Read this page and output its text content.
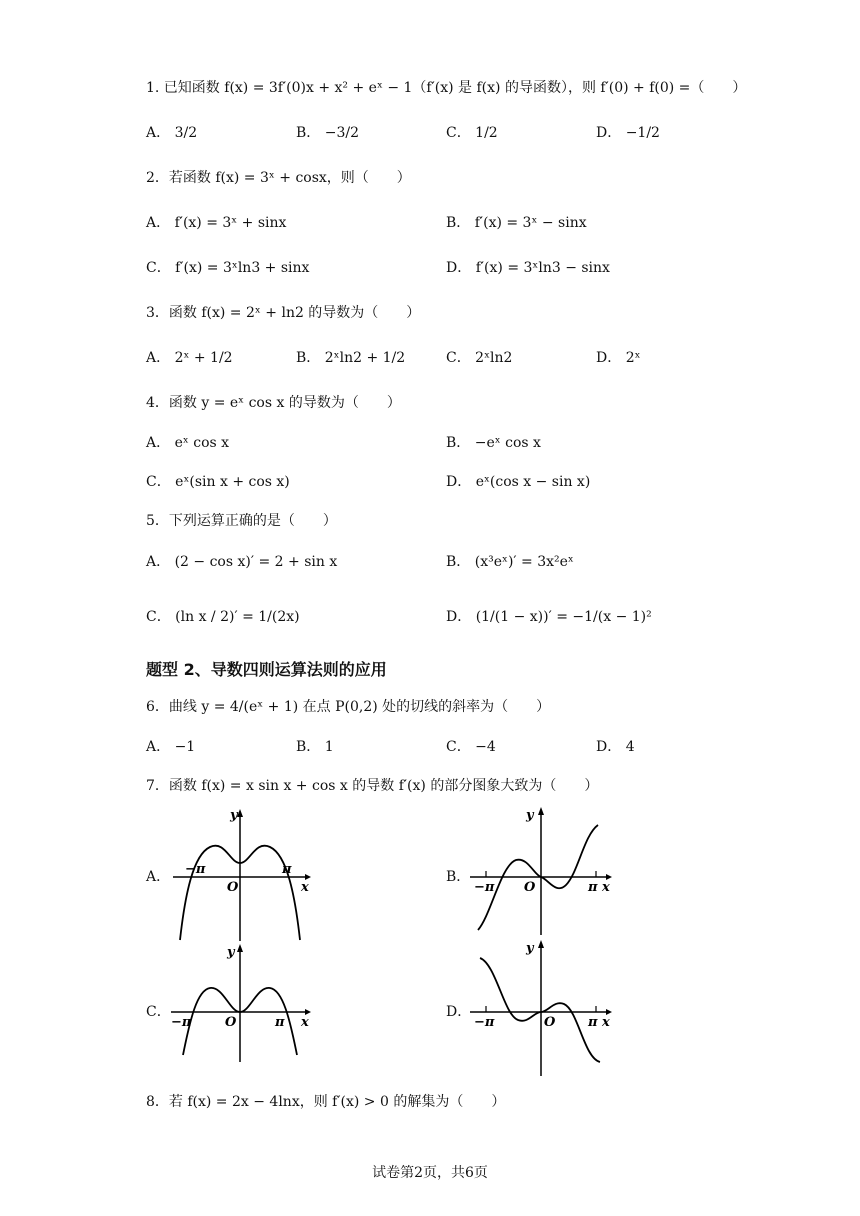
1. 已知函数 f(x) = 3f′(0)x + x² + eˣ − 1（f′(x) 是 f(x) 的导函数），则 f′(0) + f(0) =（　　）
A． 3/2	B． −3/2	C． 1/2	D． −1/2
2．若函数 f(x) = 3ˣ + cosx，则（　　）
A． f′(x) = 3ˣ + sinx	B． f′(x) = 3ˣ − sinx
C． f′(x) = 3ˣln3 + sinx	D． f′(x) = 3ˣln3 − sinx
3．函数 f(x) = 2ˣ + ln2 的导数为（　　）
A． 2ˣ + 1/2	B． 2ˣln2 + 1/2	C． 2ˣln2	D． 2ˣ
4．函数 y = eˣ cos x 的导数为（　　）
A． eˣ cos x	B． −eˣ cos x
C． eˣ(sin x + cos x)	D． eˣ(cos x − sin x)
5．下列运算正确的是（　　）
A． (2 − cos x)′ = 2 + sin x	B． (x³eˣ)′ = 3x²eˣ
C． (ln x / 2)′ = 1/(2x)	D． (1/(1 − x))′ = −1/(x − 1)²
题型 2、导数四则运算法则的应用
6．曲线 y = 4/(eˣ + 1) 在点 P(0,2) 处的切线的斜率为（　　）
A． −1	B． 1	C． −4	D． 4
7．函数 f(x) = x sin x + cos x 的导数 f′(x) 的部分图象大致为（　　）
A．	B．
C．	D．
y
x
O
−π	π
y
x
O
−π	π
y
x
O
−π	π
y
x
O
−π	π
8．若 f(x) = 2x − 4lnx，则 f′(x) > 0 的解集为（　　）
试卷第2页，共6页
